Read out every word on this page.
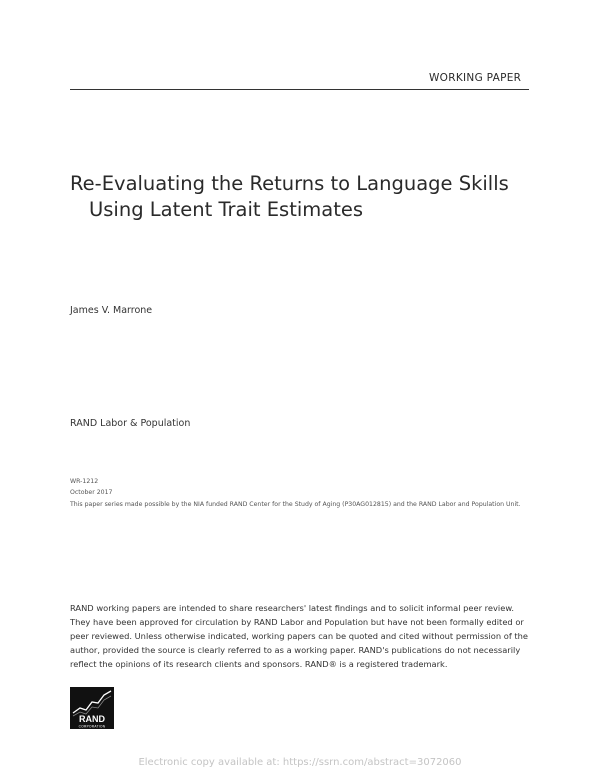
WORKING PAPER
Re-Evaluating the Returns to Language Skills
Using Latent Trait Estimates
James V. Marrone
RAND Labor & Population
WR-1212
October 2017
This paper series made possible by the NIA funded RAND Center for the Study of Aging (P30AG012815) and the RAND Labor and Population Unit.
RAND working papers are intended to share researchers' latest findings and to solicit informal peer review. They have been approved for circulation by RAND Labor and Population but have not been formally edited or peer reviewed. Unless otherwise indicated, working papers can be quoted and cited without permission of the author, provided the source is clearly referred to as a working paper. RAND's publications do not necessarily reflect the opinions of its research clients and sponsors. RAND® is a registered trademark.
RAND
CORPORATION
Electronic copy available at: https://ssrn.com/abstract=3072060
